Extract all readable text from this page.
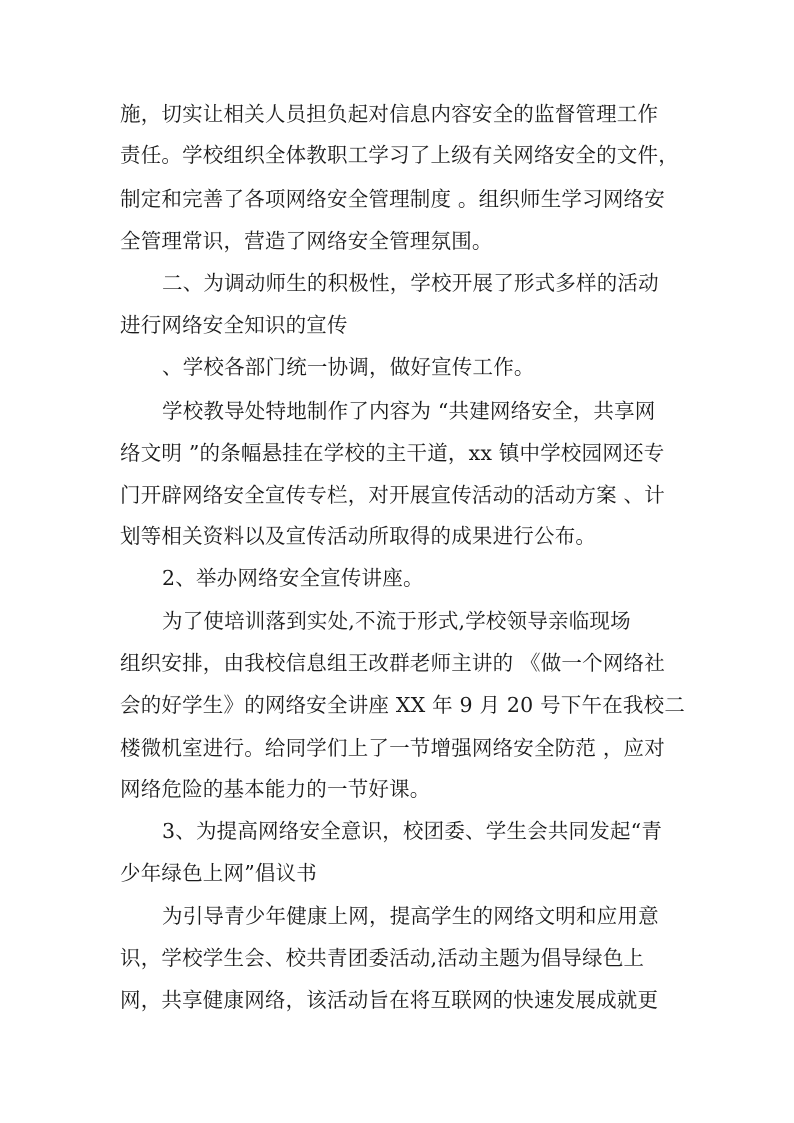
施，切实让相关人员担负起对信息内容安全的监督管理工作
责任。学校组织全体教职工学习了上级有关网络安全的文件，
制定和完善了各项网络安全管理制度 。组织师生学习网络安
全管理常识，营造了网络安全管理氛围。
二、为调动师生的积极性，学校开展了形式多样的活动
进行网络安全知识的宣传
、学校各部门统一协调，做好宣传工作。
学校教导处特地制作了内容为 “共建网络安全，共享网
络文明 ”的条幅悬挂在学校的主干道，xx 镇中学校园网还专
门开辟网络安全宣传专栏，对开展宣传活动的活动方案 、计
划等相关资料以及宣传活动所取得的成果进行公布。
2、举办网络安全宣传讲座。
为了使培训落到实处,不流于形式,学校领导亲临现场
组织安排，由我校信息组王改群老师主讲的 《做一个网络社
会的好学生》的网络安全讲座 XX 年 9 月 20 号下午在我校二
楼微机室进行。给同学们上了一节增强网络安全防范 ，应对
网络危险的基本能力的一节好课。
3、为提高网络安全意识，校团委、学生会共同发起“青
少年绿色上网”倡议书
为引导青少年健康上网，提高学生的网络文明和应用意
识，学校学生会、校共青团委活动,活动主题为倡导绿色上
网，共享健康网络，该活动旨在将互联网的快速发展成就更
